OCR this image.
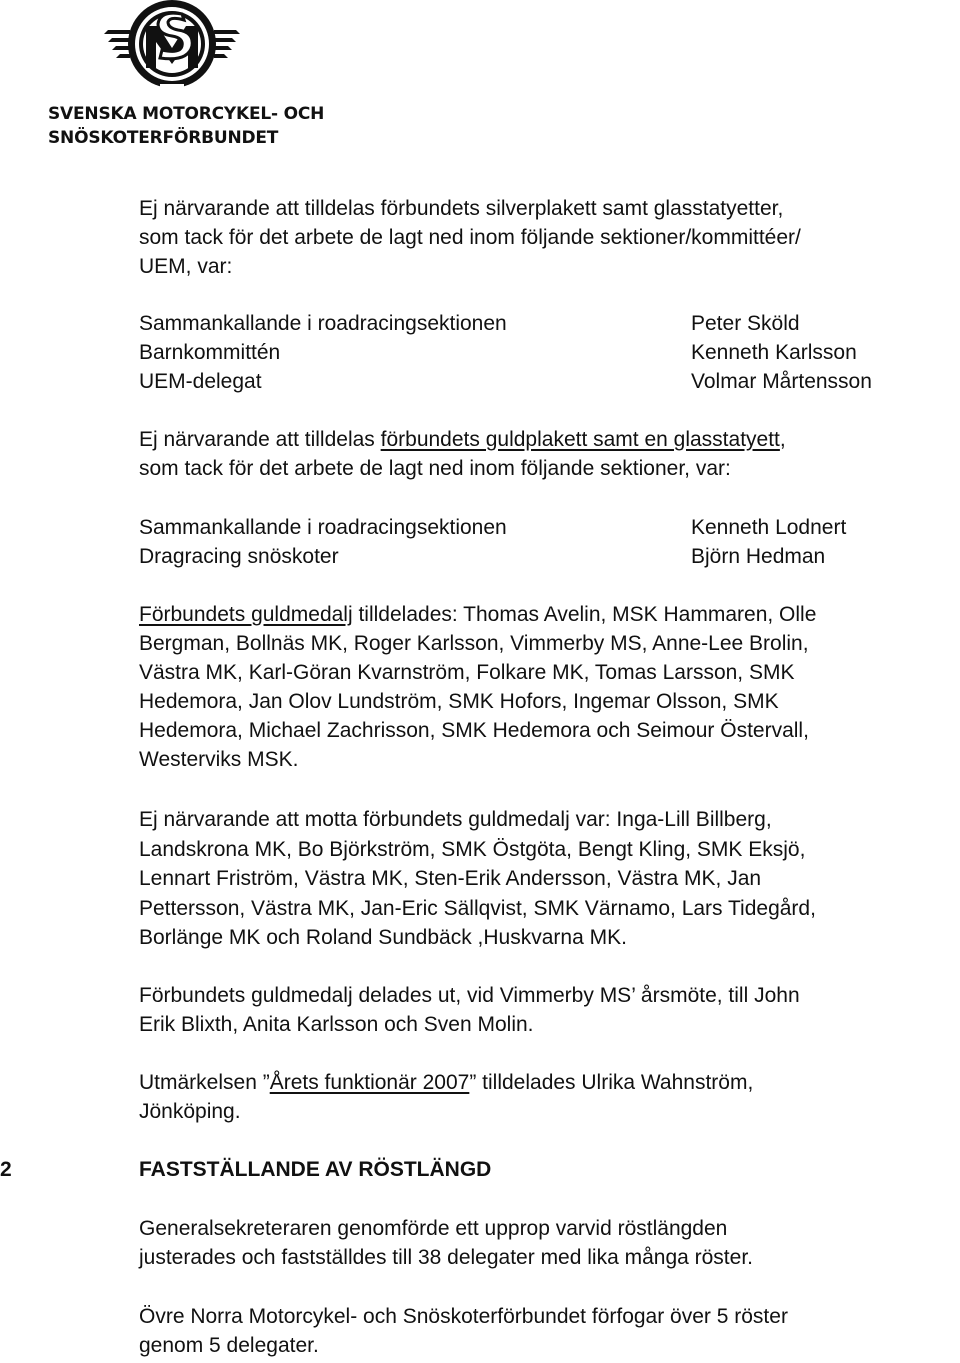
SVENSKA MOTORCYKEL- OCH
SNÖSKOTERFÖRBUNDET
Ej närvarande att tilldelas förbundets silverplakett samt glasstatyetter,
som tack för det arbete de lagt ned inom följande sektioner/kommittéer/
UEM, var:
Sammankallande i roadracingsektionen	Peter Sköld
Barnkommittén	Kenneth Karlsson
UEM-delegat	Volmar Mårtensson
Ej närvarande att tilldelas förbundets guldplakett samt en glasstatyett,
som tack för det arbete de lagt ned inom följande sektioner, var:
Sammankallande i roadracingsektionen	Kenneth Lodnert
Dragracing snöskoter	Björn Hedman
Förbundets guldmedalj tilldelades: Thomas Avelin, MSK Hammaren, Olle
Bergman, Bollnäs MK, Roger Karlsson, Vimmerby MS, Anne-Lee Brolin,
Västra MK, Karl-Göran Kvarnström, Folkare MK, Tomas Larsson, SMK
Hedemora, Jan Olov Lundström, SMK Hofors, Ingemar Olsson, SMK
Hedemora, Michael Zachrisson, SMK Hedemora och Seimour Östervall,
Westerviks MSK.
Ej närvarande att motta förbundets guldmedalj var: Inga-Lill Billberg,
Landskrona MK, Bo Björkström, SMK Östgöta, Bengt Kling, SMK Eksjö,
Lennart Friström, Västra MK, Sten-Erik Andersson, Västra MK, Jan
Pettersson, Västra MK, Jan-Eric Sällqvist, SMK Värnamo, Lars Tidegård,
Borlänge MK och Roland Sundbäck ,Huskvarna MK.
Förbundets guldmedalj delades ut, vid Vimmerby MS’ årsmöte, till John
Erik Blixth, Anita Karlsson och Sven Molin.
Utmärkelsen ”Årets funktionär 2007” tilldelades Ulrika Wahnström,
Jönköping.
2	FASTSTÄLLANDE AV RÖSTLÄNGD
Generalsekreteraren genomförde ett upprop varvid röstlängden
justerades och fastställdes till 38 delegater med lika många röster.
Övre Norra Motorcykel- och Snöskoterförbundet förfogar över 5 röster
genom 5 delegater.
